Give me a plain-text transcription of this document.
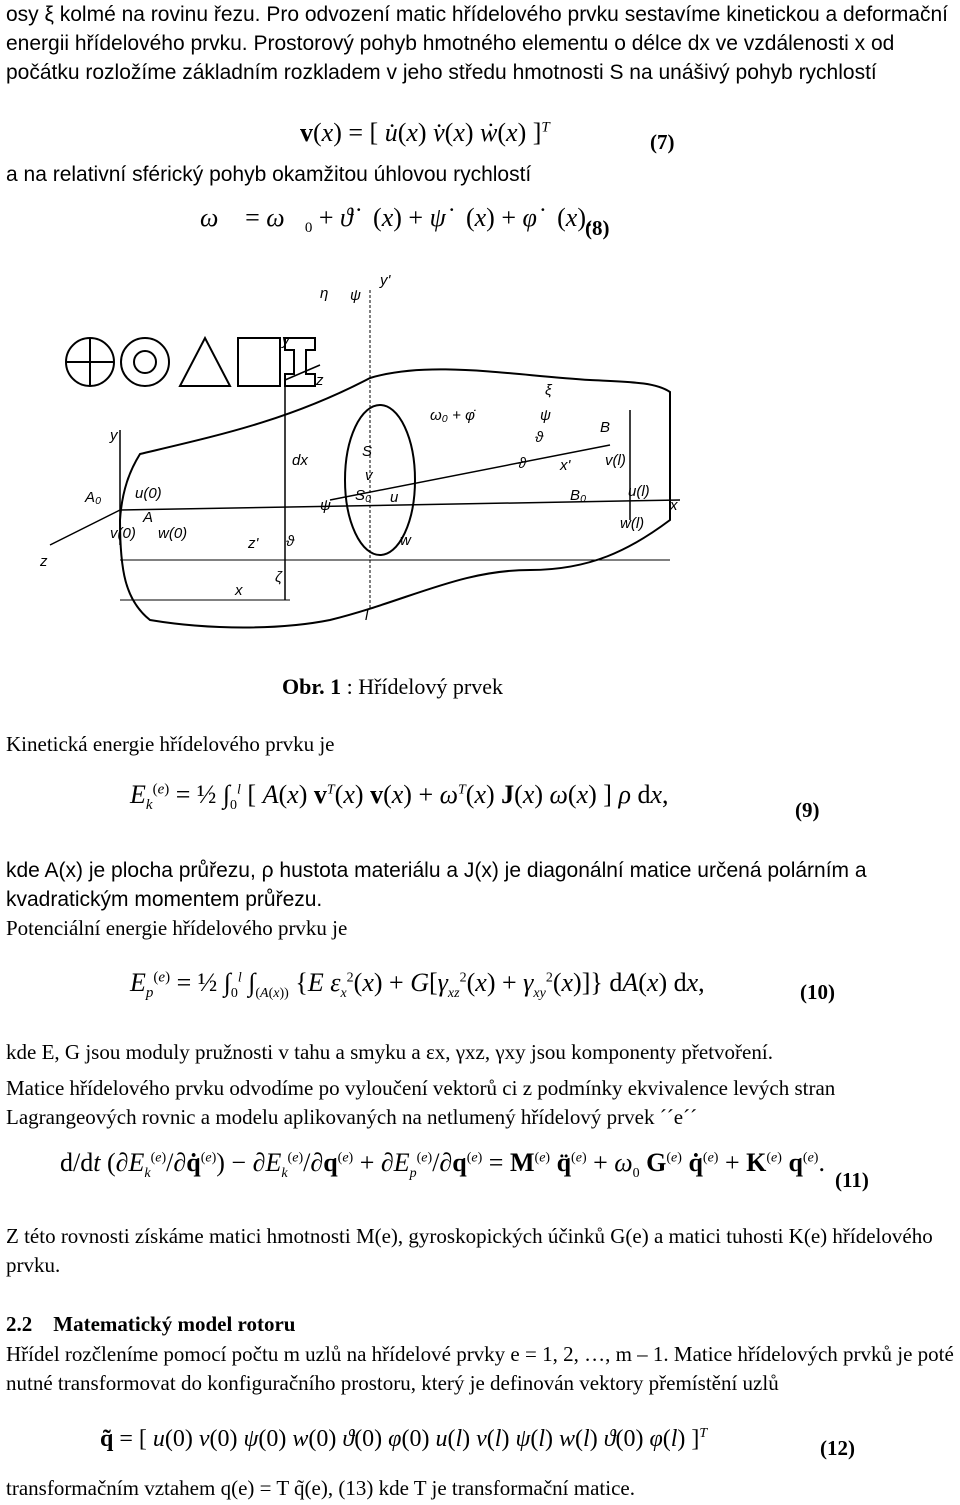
osy ξ kolmé na rovinu řezu. Pro odvození matic hřídelového prvku sestavíme kinetickou a deformační energii hřídelového prvku. Prostorový pohyb hmotného elementu o délce dx ve vzdálenosti x od počátku rozložíme základním rozkladem v jeho středu hmotnosti S na unášivý pohyb rychlostí
v(x) = [ u̇(x) v̇(x) ẇ(x) ]$^T$
(7)
a na relativní sférický pohyb okamžitou úhlovou rychlostí
ω⃗ = $\omega⃗_0$ + ϑ̇⃗(x) + ψ̇⃗(x) + φ̇⃗(x).
(8)
η ψ
y'
y
z
y
A₀
A
u(0)
v(0) w(0)
z
z' ϑ
ζ
x
l
dx
S
S₀
v
u
w
ψ
ω₀ + φ̇
ϑ
ξ
ψ
ϑ x'
B
B₀
v(l)
u(l)
w(l)
x
Obr. 1 : Hřídelový prvek
Kinetická energie hřídelového prvku je
$E_k^{(e)}$ = ½ $\int_0^l$ [ A(x) $v^T(x) v(x) + \omega^T(x)$ J(x) ω(x) ] ρ dx,
(9)
kde A(x) je plocha průřezu, ρ hustota materiálu a J(x) je diagonální matice určená polárním a kvadratickým momentem průřezu.
Potenciální energie hřídelového prvku je
$E_p^{(e)}$ = ½ $\int_0^l$ $\int_{(A(x))}$ {E $\varepsilon_x^2(x) + G[\gamma_{xz}^2(x) + \gamma_{xy}^2(x)]$} dA(x) dx,	(10)
kde E, G jsou moduly pružnosti v tahu a smyku a εx, γxz, γxy jsou komponenty přetvoření.
Matice hřídelového prvku odvodíme po vyloučení vektorů ci z podmínky ekvivalence levých stran Lagrangeových rovnic a modelu aplikovaných na netlumený hřídelový prvek ´´e´´
d/dt $(\partial E_k^{(e)}/\partial q̇^{(e)}) - \partial E_k^{(e)}/\partial q^{(e)} + \partial E_p^{(e)}/\partial q^{(e)} = M^{(e)}$ q̈$^{(e)}$ + $\omega_0$ $G^{(e)}$ q̇$^{(e)}$ + $K^{(e)}$ $q^{(e)}$.
(11)
Z této rovnosti získáme matici hmotnosti M(e), gyroskopických účinků G(e) a matici tuhosti K(e) hřídelového prvku.
2.2 Matematický model rotoru
Hřídel rozčleníme pomocí počtu m uzlů na hřídelové prvky e = 1, 2, …, m – 1. Matice hřídelových prvků je poté nutné transformovat do konfiguračního prostoru, který je definován vektory přemístění uzlů
q̃ = [ u(0) v(0) ψ(0) w(0) ϑ(0) φ(0) u(l) v(l) ψ(l) w(l) ϑ(0) φ(l) ]$^T$
(12)
transformačním vztahem q(e) = T q̃(e), (13) kde T je transformační matice.
